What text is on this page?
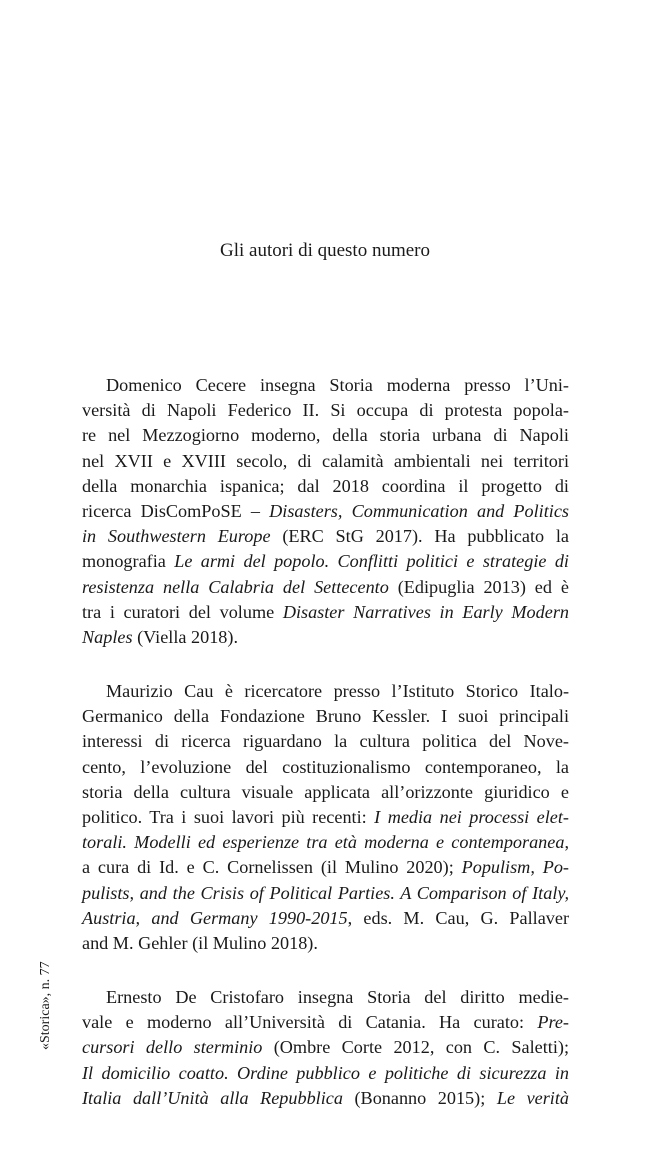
Gli autori di questo numero
Domenico Cecere insegna Storia moderna presso l’Uni-
versità di Napoli Federico II. Si occupa di protesta popola-
re nel Mezzogiorno moderno, della storia urbana di Napoli
nel XVII e XVIII secolo, di calamità ambientali nei territori
della monarchia ispanica; dal 2018 coordina il progetto di
ricerca DisComPoSE – Disasters, Communication and Politics
in Southwestern Europe (ERC StG 2017). Ha pubblicato la
monografia Le armi del popolo. Conflitti politici e strategie di
resistenza nella Calabria del Settecento (Edipuglia 2013) ed è
tra i curatori del volume Disaster Narratives in Early Modern
Naples (Viella 2018).
Maurizio Cau è ricercatore presso l’Istituto Storico Italo-
Germanico della Fondazione Bruno Kessler. I suoi principali
interessi di ricerca riguardano la cultura politica del Nove-
cento, l’evoluzione del costituzionalismo contemporaneo, la
storia della cultura visuale applicata all’orizzonte giuridico e
politico. Tra i suoi lavori più recenti: I media nei processi elet-
torali. Modelli ed esperienze tra età moderna e contemporanea,
a cura di Id. e C. Cornelissen (il Mulino 2020); Populism, Po-
pulists, and the Crisis of Political Parties. A Comparison of Italy,
Austria, and Germany 1990-2015, eds. M. Cau, G. Pallaver
and M. Gehler (il Mulino 2018).
Ernesto De Cristofaro insegna Storia del diritto medie-
vale e moderno all’Università di Catania. Ha curato: Pre-
cursori dello sterminio (Ombre Corte 2012, con C. Saletti);
Il domicilio coatto. Ordine pubblico e politiche di sicurezza in
Italia dall’Unità alla Repubblica (Bonanno 2015); Le verità
«Storica», n. 77
